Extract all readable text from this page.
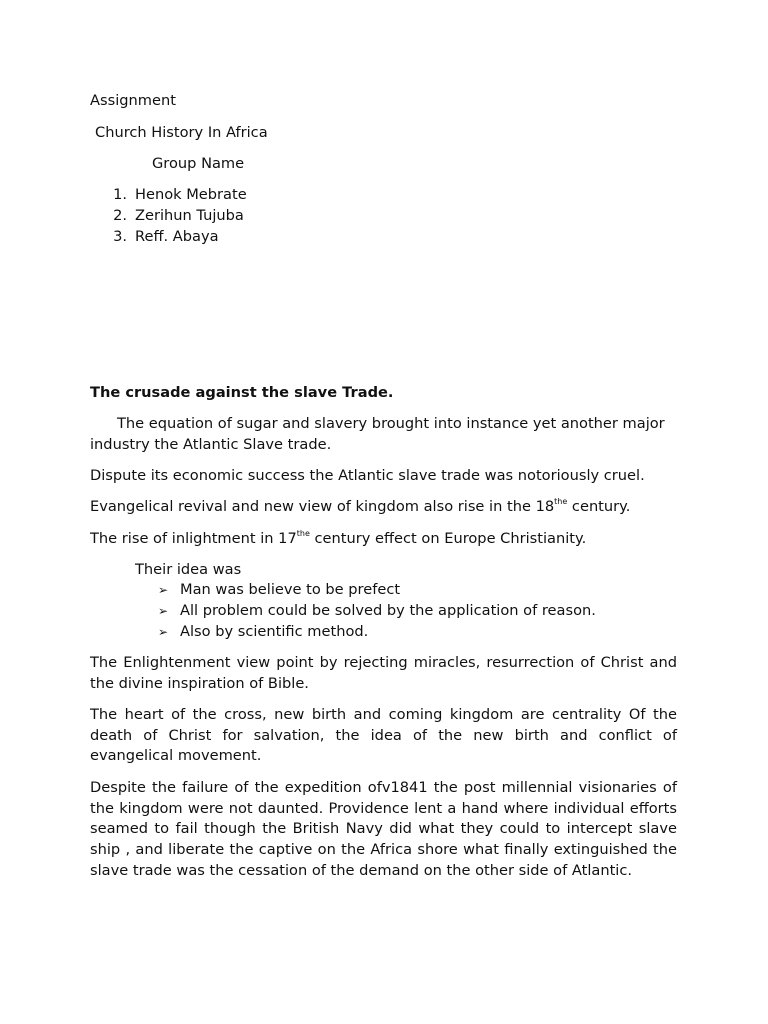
Assignment
Church History In Africa
Group Name
1. Henok Mebrate
2. Zerihun Tujuba
3. Reff. Abaya
The crusade against the slave Trade.
The equation of sugar and slavery brought into instance yet another major industry the Atlantic Slave trade.
Dispute its economic success the Atlantic slave trade was notoriously cruel.
Evangelical revival and new view of kingdom also rise in the $18^{the}$ century.
The rise of inlightment in $17^{the}$ century effect on Europe Christianity.
Their idea was
➢ Man was believe to be prefect
➢ All problem could be solved by the application of reason.
➢ Also by scientific method.
The Enlightenment view point by rejecting miracles, resurrection of Christ and the divine inspiration of Bible.
The heart of the cross, new birth and coming kingdom are centrality Of the death of Christ for salvation, the idea of the new birth and conflict of evangelical movement.
Despite the failure of the expedition ofv1841 the post millennial visionaries of the kingdom were not daunted. Providence lent a hand where individual efforts seamed to fail though the British Navy did what they could to intercept slave ship , and liberate the captive on the Africa shore what finally extinguished the slave trade was the cessation of the demand on the other side of Atlantic.
